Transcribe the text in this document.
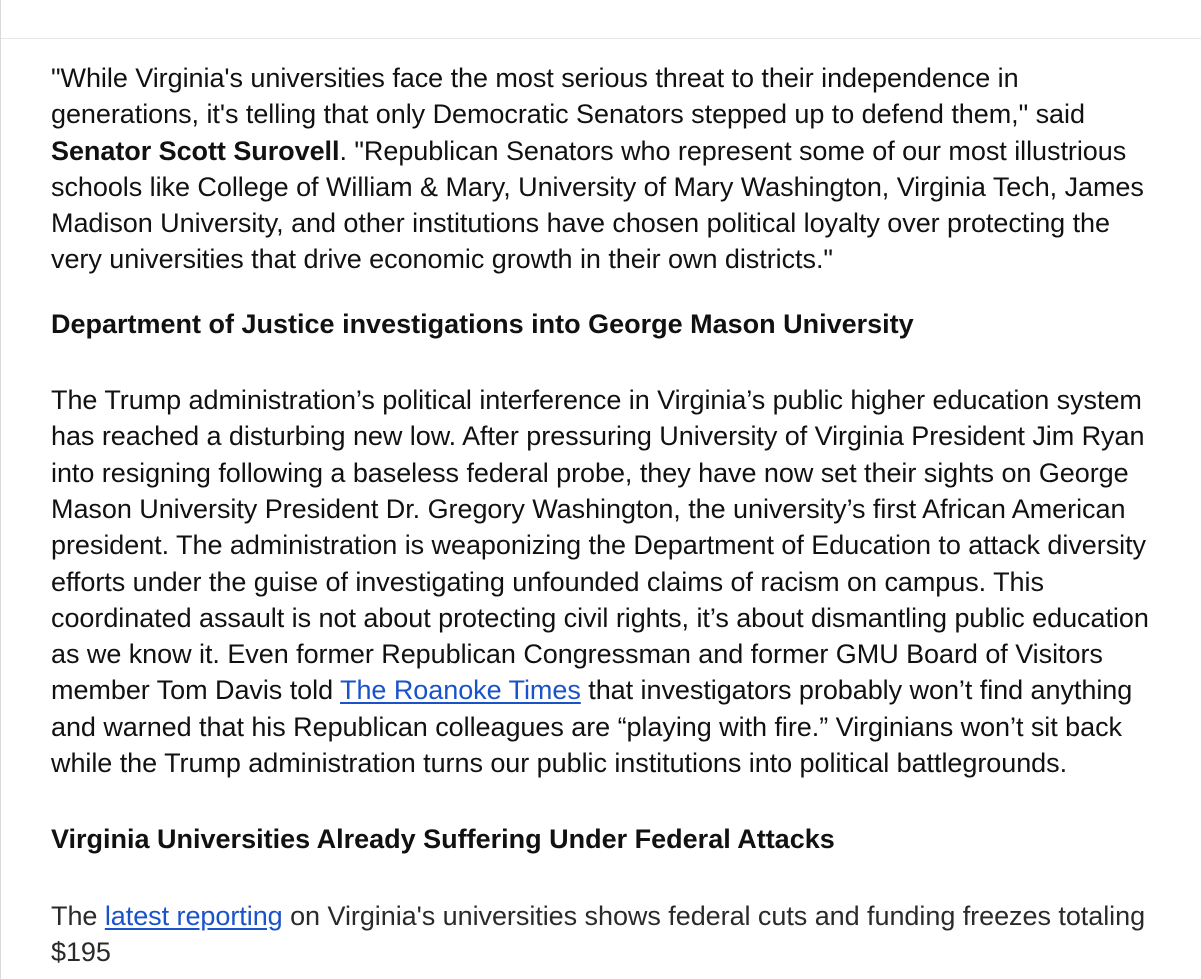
"While Virginia's universities face the most serious threat to their independence in generations, it's telling that only Democratic Senators stepped up to defend them," said Senator Scott Surovell. "Republican Senators who represent some of our most illustrious schools like College of William & Mary, University of Mary Washington, Virginia Tech, James Madison University, and other institutions have chosen political loyalty over protecting the very universities that drive economic growth in their own districts."

Department of Justice investigations into George Mason University

The Trump administration’s political interference in Virginia’s public higher education system has reached a disturbing new low. After pressuring University of Virginia President Jim Ryan into resigning following a baseless federal probe, they have now set their sights on George Mason University President Dr. Gregory Washington, the university’s first African American president. The administration is weaponizing the Department of Education to attack diversity efforts under the guise of investigating unfounded claims of racism on campus. This coordinated assault is not about protecting civil rights, it’s about dismantling public education as we know it. Even former Republican Congressman and former GMU Board of Visitors member Tom Davis told The Roanoke Times that investigators probably won’t find anything and warned that his Republican colleagues are “playing with fire.” Virginians won’t sit back while the Trump administration turns our public institutions into political battlegrounds.

Virginia Universities Already Suffering Under Federal Attacks

The latest reporting on Virginia's universities shows federal cuts and funding freezes totaling $195
